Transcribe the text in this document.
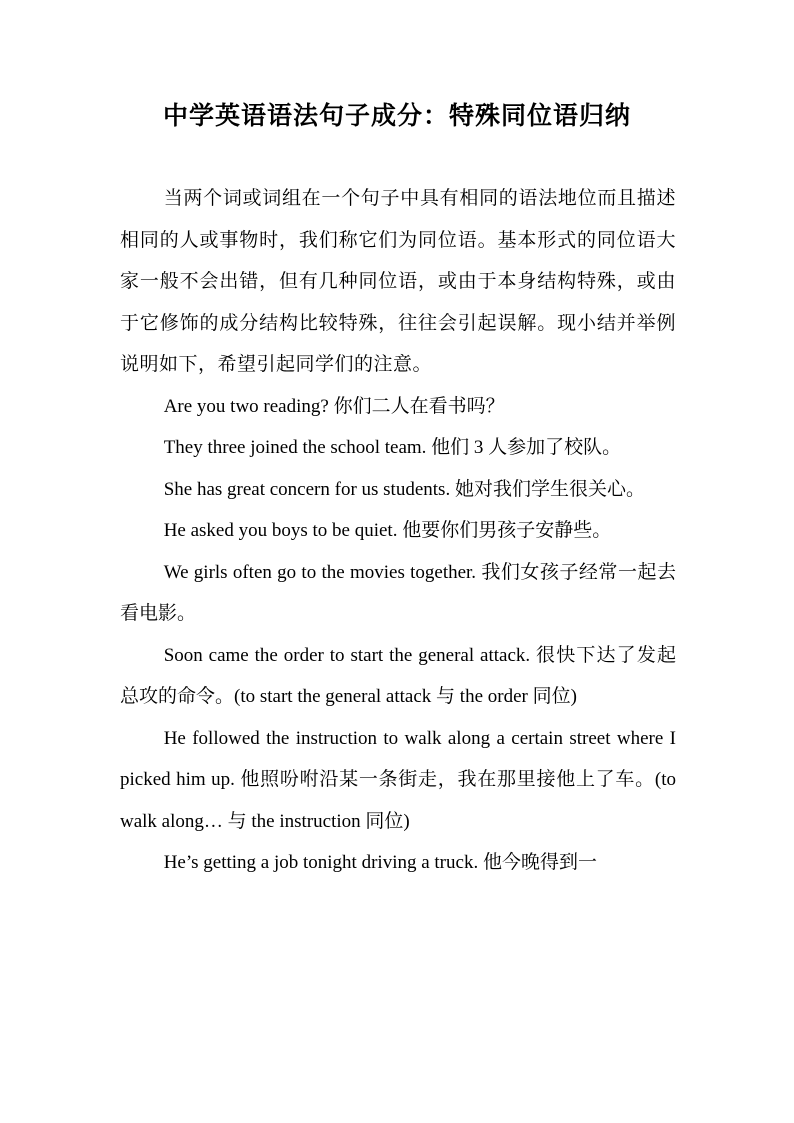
中学英语语法句子成分：特殊同位语归纳

当两个词或词组在一个句子中具有相同的语法地位而且描述相同的人或事物时，我们称它们为同位语。基本形式的同位语大家一般不会出错，但有几种同位语，或由于本身结构特殊，或由于它修饰的成分结构比较特殊，往往会引起误解。现小结并举例说明如下，希望引起同学们的注意。

Are you two reading? 你们二人在看书吗？

They three joined the school team. 他们 3 人参加了校队。

She has great concern for us students. 她对我们学生很关心。

He asked you boys to be quiet. 他要你们男孩子安静些。

We girls often go to the movies together. 我们女孩子经常一起去看电影。

Soon came the order to start the general attack. 很快下达了发起总攻的命令。(to start the general attack 与 the order 同位)

He followed the instruction to walk along a certain street where I picked him up. 他照吩咐沿某一条街走，我在那里接他上了车。(to walk along… 与 the instruction 同位)

He’s getting a job tonight driving a truck. 他今晚得到一
